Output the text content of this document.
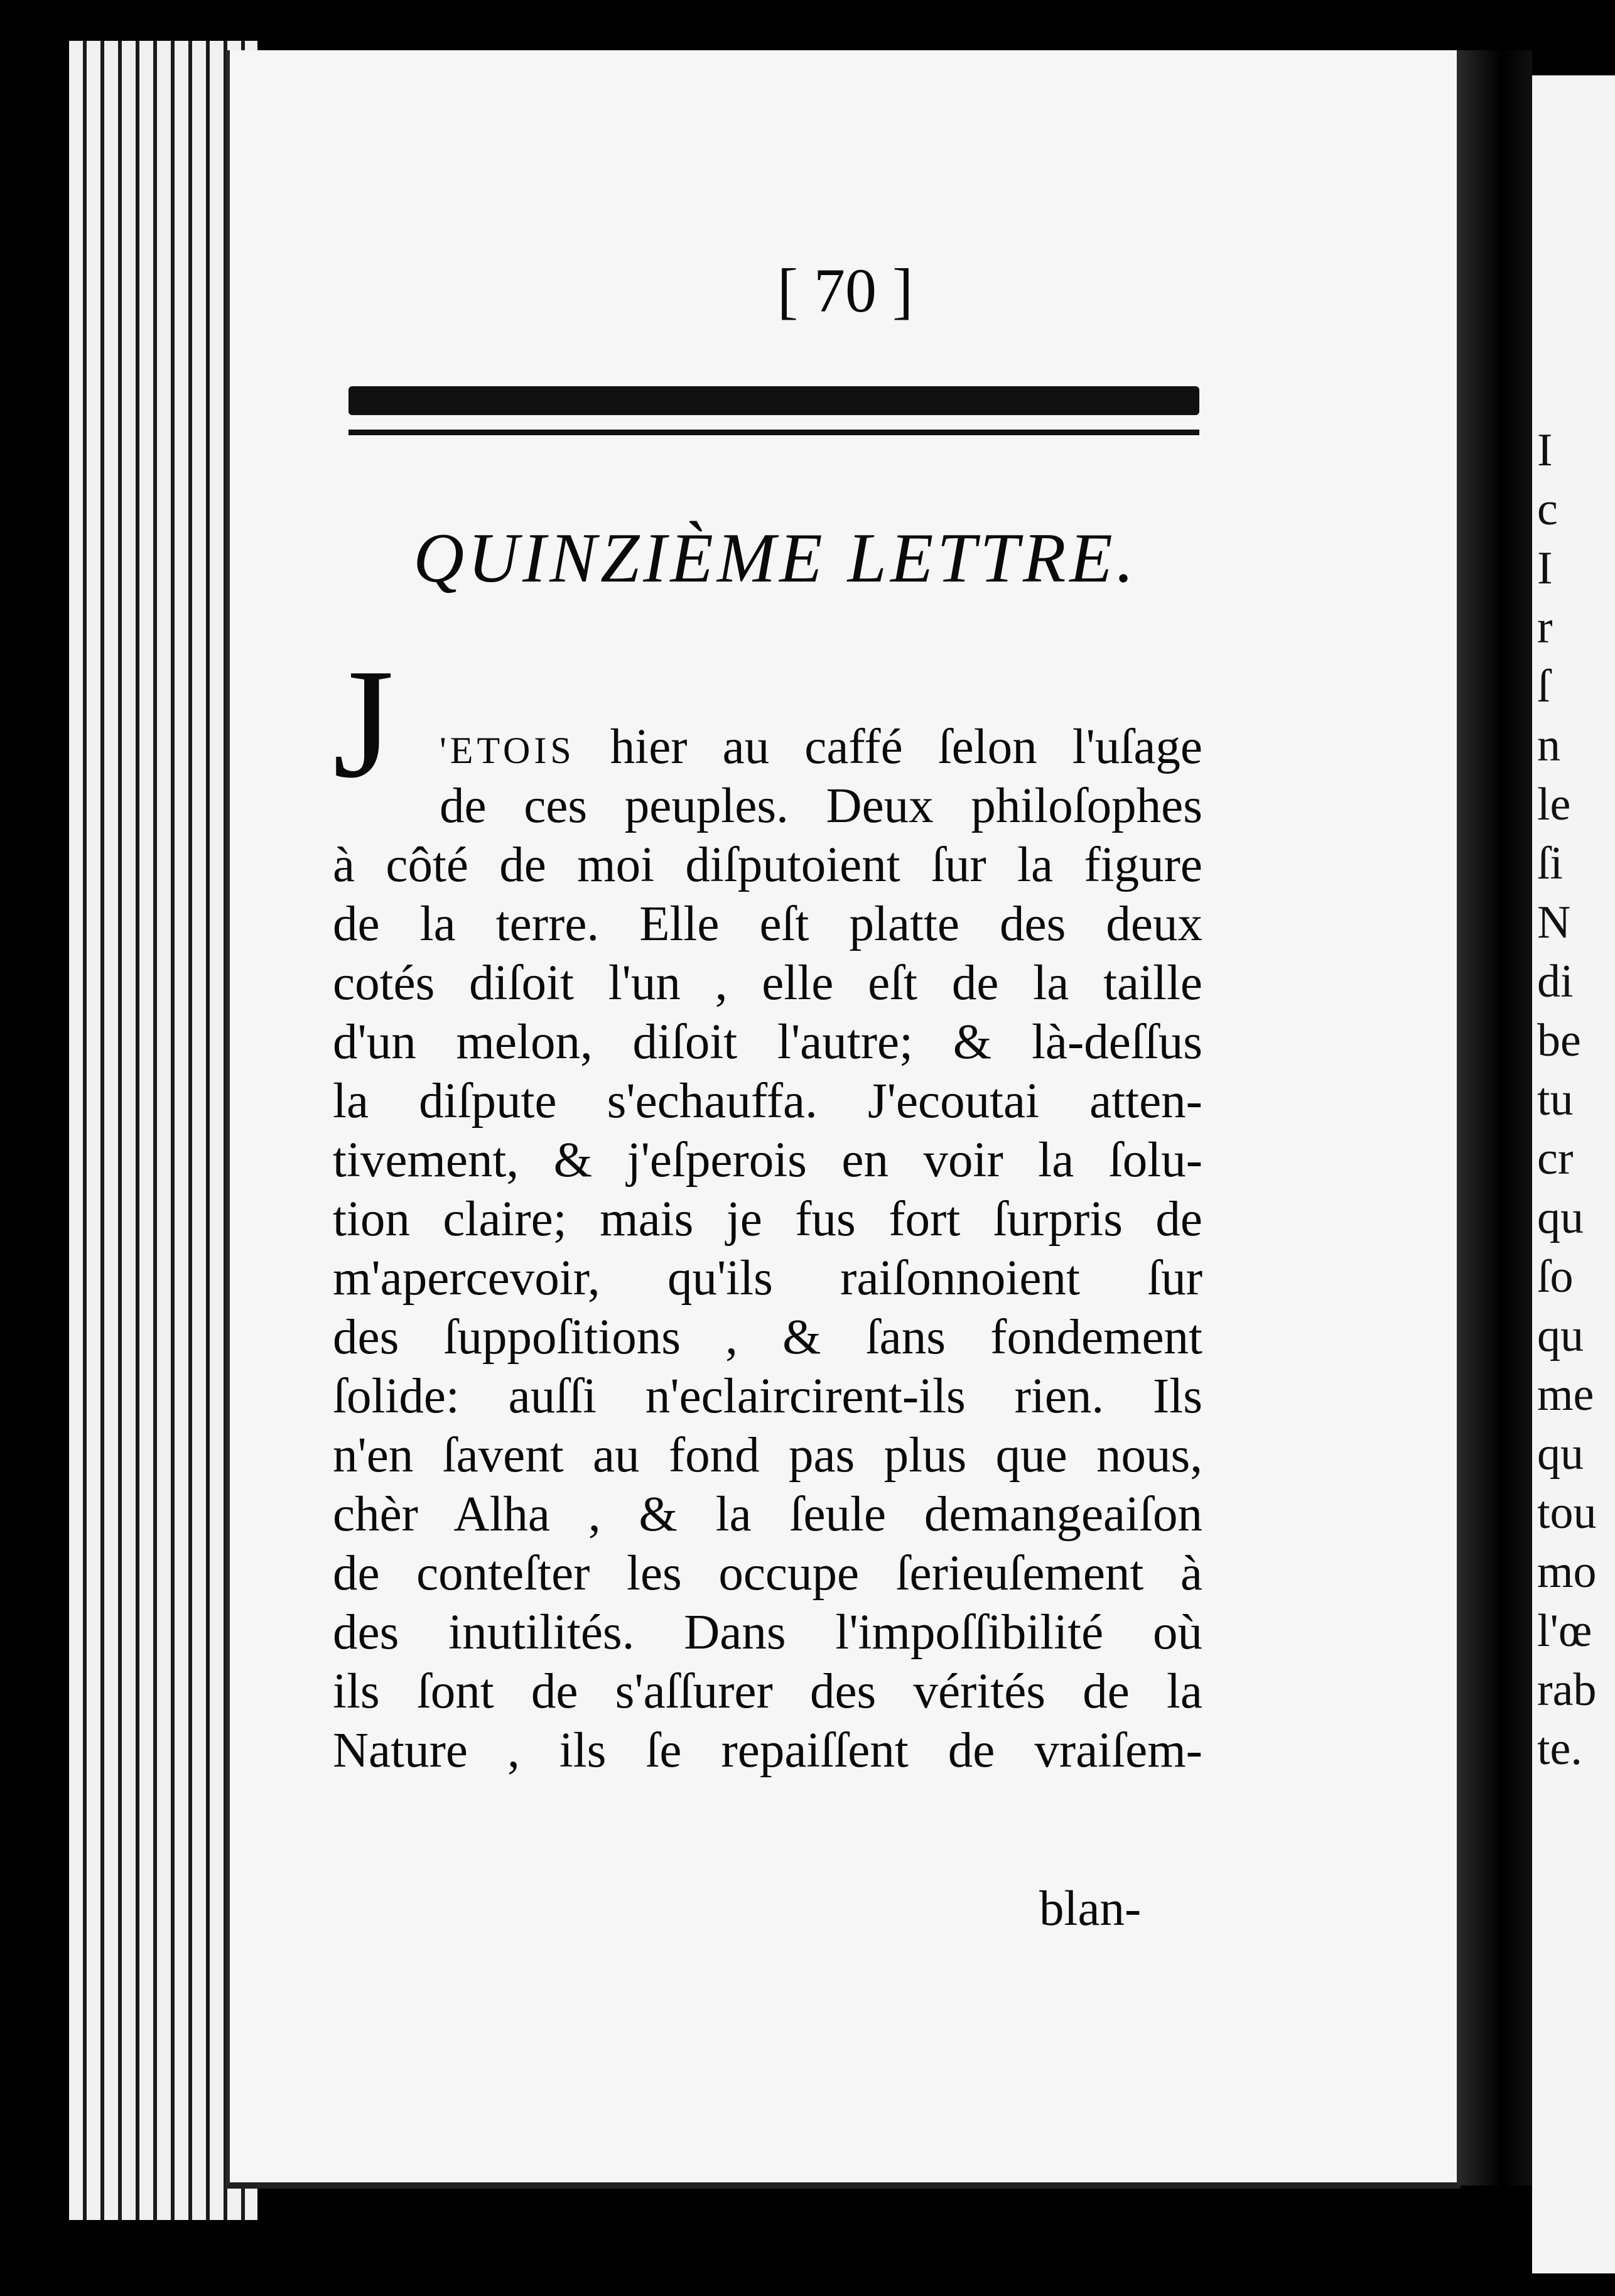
[ 70 ]
I
c
I
r
ſ
n
le
ſi
N
di
be
tu
cr
qu
ſo
qu
me
qu
tou
mo
l'œ
rab
te.
QUINZIÈME LETTRE.
J 'ETOIS hier au caffé ſelon l'uſage
de ces peuples. Deux philoſophes
à côté de moi diſputoient ſur la figure
de la terre. Elle eſt platte des deux
cotés diſoit l'un , elle eſt de la taille
d'un melon, diſoit l'autre; & là-deſſus
la diſpute s'echauffa. J'ecoutai atten-
tivement, & j'eſperois en voir la ſolu-
tion claire; mais je fus fort ſurpris de
m'apercevoir, qu'ils raiſonnoient ſur
des ſuppoſitions , & ſans fondement
ſolide: auſſi n'eclaircirent-ils rien. Ils
n'en ſavent au fond pas plus que nous,
chèr Alha , & la ſeule demangeaiſon
de conteſter les occupe ſerieuſement à
des inutilités. Dans l'impoſſibilité où
ils ſont de s'aſſurer des vérités de la
Nature , ils ſe repaiſſent de vraiſem-
blan-
